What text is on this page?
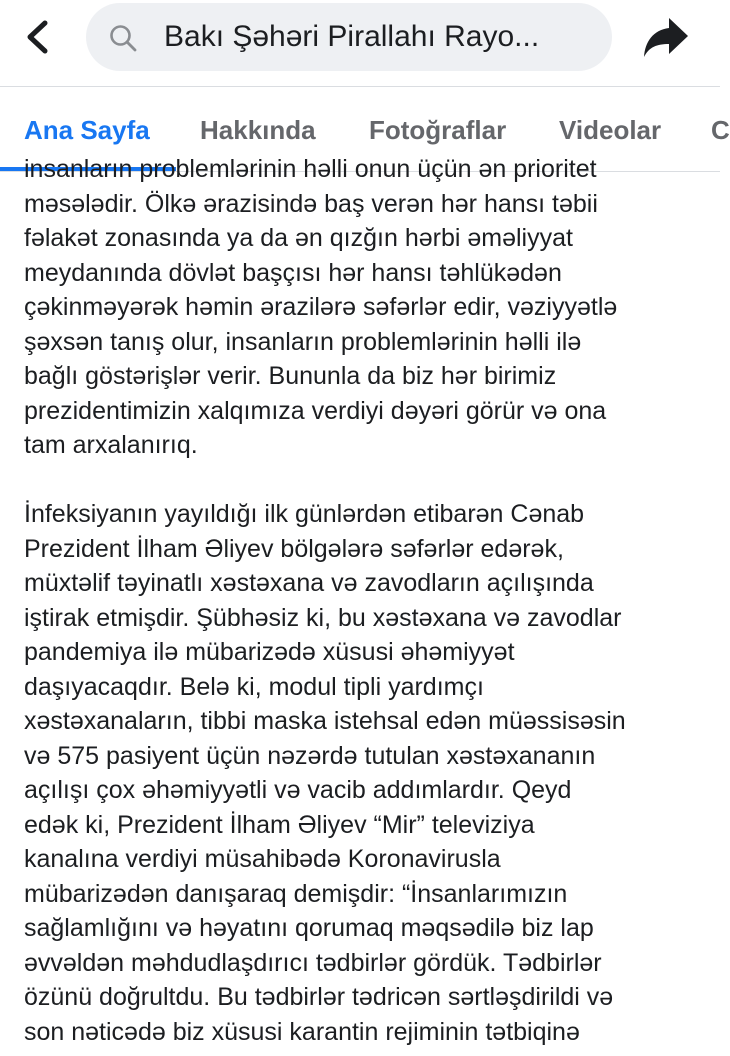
Bakı Şəhəri Pirallahı Rayo...
Ana Sayfa Hakkında Fotoğraflar Videolar C

insanların problemlərinin həlli onun üçün ən prioritet
məsələdir. Ölkə ərazisində baş verən hər hansı təbii
fəlakət zonasında ya da ən qızğın hərbi əməliyyat
meydanında dövlət başçısı hər hansı təhlükədən
çəkinməyərək həmin ərazilərə səfərlər edir, vəziyyətlə
şəxsən tanış olur, insanların problemlərinin həlli ilə
bağlı göstərişlər verir. Bununla da biz hər birimiz
prezidentimizin xalqımıza verdiyi dəyəri görür və ona
tam arxalanırıq.

İnfeksiyanın yayıldığı ilk günlərdən etibarən Cənab
Prezident İlham Əliyev bölgələrə səfərlər edərək,
müxtəlif təyinatlı xəstəxana və zavodların açılışında
iştirak etmişdir. Şübhəsiz ki, bu xəstəxana və zavodlar
pandemiya ilə mübarizədə xüsusi əhəmiyyət
daşıyacaqdır. Belə ki, modul tipli yardımçı
xəstəxanaların, tibbi maska istehsal edən müəssisəsin
və 575 pasiyent üçün nəzərdə tutulan xəstəxananın
açılışı çox əhəmiyyətli və vacib addımlardır. Qeyd
edək ki, Prezident İlham Əliyev “Mir” televiziya
kanalına verdiyi müsahibədə Koronavirusla
mübarizədən danışaraq demişdir: “İnsanlarımızın
sağlamlığını və həyatını qorumaq məqsədilə biz lap
əvvəldən məhdudlaşdırıcı tədbirlər gördük. Tədbirlər
özünü doğrultdu. Bu tədbirlər tədricən sərtləşdirildi və
son nəticədə biz xüsusi karantin rejiminin tətbiqinə
